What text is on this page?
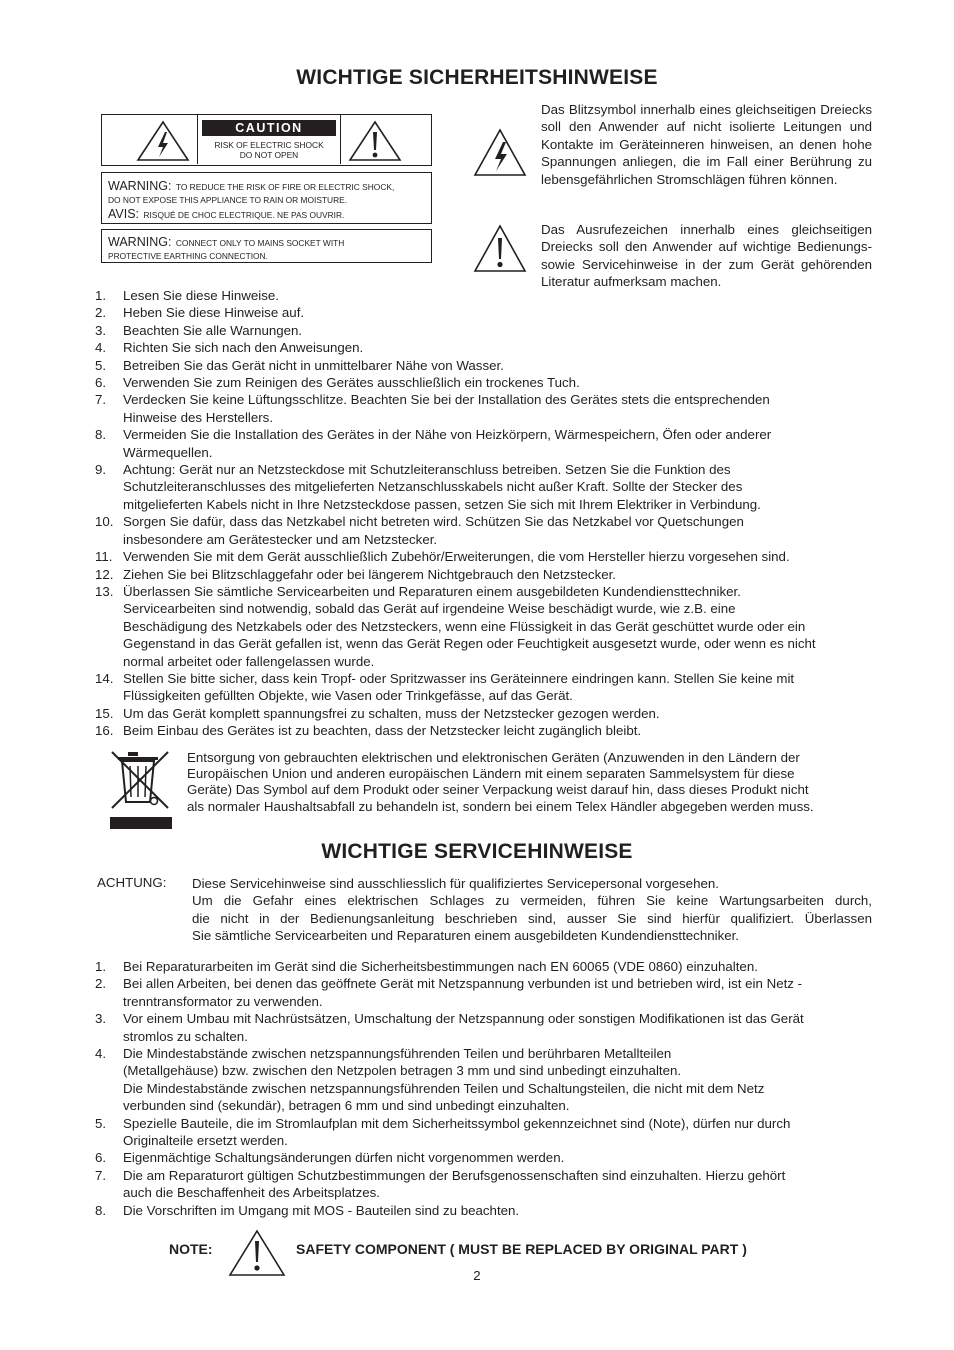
WICHTIGE SICHERHEITSHINWEISE
CAUTION
RISK OF ELECTRIC SHOCK
DO NOT OPEN
WARNING: TO REDUCE THE RISK OF FIRE OR ELECTRIC SHOCK,
DO NOT EXPOSE THIS APPLIANCE TO RAIN OR MOISTURE.
AVIS: RISQUÉ DE CHOC ELECTRIQUE. NE PAS OUVRIR.
WARNING: CONNECT ONLY TO MAINS SOCKET WITH
PROTECTIVE EARTHING CONNECTION.
Das Blitzsymbol innerhalb eines gleichseitigen Dreiecks soll den Anwender auf nicht isolierte Leitungen und Kontakte im Geräteinneren hinweisen, an denen hohe Spannungen anliegen, die im Fall einer Berührung zu lebensgefährlichen Stromschlägen führen können.
Das Ausrufezeichen innerhalb eines gleichseitigen Dreiecks soll den Anwender auf wichtige Bedienungs- sowie Servicehinweise in der zum Gerät gehörenden Literatur aufmerksam machen.
1.	Lesen Sie diese Hinweise.
2.	Heben Sie diese Hinweise auf.
3.	Beachten Sie alle Warnungen.
4.	Richten Sie sich nach den Anweisungen.
5.	Betreiben Sie das Gerät nicht in unmittelbarer Nähe von Wasser.
6.	Verwenden Sie zum Reinigen des Gerätes ausschließlich ein trockenes Tuch.
7.	Verdecken Sie keine Lüftungsschlitze. Beachten Sie bei der Installation des Gerätes stets die entsprechenden
Hinweise des Herstellers.
8.	Vermeiden Sie die Installation des Gerätes in der Nähe von Heizkörpern, Wärmespeichern, Öfen oder anderer
Wärmequellen.
9.	Achtung: Gerät nur an Netzsteckdose mit Schutzleiteranschluss betreiben. Setzen Sie die Funktion des
Schutzleiteranschlusses des mitgelieferten Netzanschlusskabels nicht außer Kraft. Sollte der Stecker des
mitgelieferten Kabels nicht in Ihre Netzsteckdose passen, setzen Sie sich mit Ihrem Elektriker in Verbindung.
10. Sorgen Sie dafür, dass das Netzkabel nicht betreten wird. Schützen Sie das Netzkabel vor Quetschungen
insbesondere am Gerätestecker und am Netzstecker.
11. Verwenden Sie mit dem Gerät ausschließlich Zubehör/Erweiterungen, die vom Hersteller hierzu vorgesehen sind.
12. Ziehen Sie bei Blitzschlaggefahr oder bei längerem Nichtgebrauch den Netzstecker.
13. Überlassen Sie sämtliche Servicearbeiten und Reparaturen einem ausgebildeten Kundendiensttechniker.
Servicearbeiten sind notwendig, sobald das Gerät auf irgendeine Weise beschädigt wurde, wie z.B. eine
Beschädigung des Netzkabels oder des Netzsteckers, wenn eine Flüssigkeit in das Gerät geschüttet wurde oder ein
Gegenstand in das Gerät gefallen ist, wenn das Gerät Regen oder Feuchtigkeit ausgesetzt wurde, oder wenn es nicht
normal arbeitet oder fallengelassen wurde.
14. Stellen Sie bitte sicher, dass kein Tropf- oder Spritzwasser ins Geräteinnere eindringen kann. Stellen Sie keine mit
Flüssigkeiten gefüllten Objekte, wie Vasen oder Trinkgefässe, auf das Gerät.
15. Um das Gerät komplett spannungsfrei zu schalten, muss der Netzstecker gezogen werden.
16. Beim Einbau des Gerätes ist zu beachten, dass der Netzstecker leicht zugänglich bleibt.
Entsorgung von gebrauchten elektrischen und elektronischen Geräten (Anzuwenden in den Ländern der
Europäischen Union und anderen europäischen Ländern mit einem separaten Sammelsystem für diese
Geräte) Das Symbol auf dem Produkt oder seiner Verpackung weist darauf hin, dass dieses Produkt nicht
als normaler Haushaltsabfall zu behandeln ist, sondern bei einem Telex Händler abgegeben werden muss.
WICHTIGE SERVICEHINWEISE
ACHTUNG: Diese Servicehinweise sind ausschliesslich für qualifiziertes Servicepersonal vorgesehen.
Um die Gefahr eines elektrischen Schlages zu vermeiden, führen Sie keine Wartungsarbeiten durch,
die nicht in der Bedienungsanleitung beschrieben sind, ausser Sie sind hierfür qualifiziert. Überlassen
Sie sämtliche Servicearbeiten und Reparaturen einem ausgebildeten Kundendiensttechniker.
1.	Bei Reparaturarbeiten im Gerät sind die Sicherheitsbestimmungen nach EN 60065 (VDE 0860) einzuhalten.
2.	Bei allen Arbeiten, bei denen das geöffnete Gerät mit Netzspannung verbunden ist und betrieben wird, ist ein Netz -
trenntransformator zu verwenden.
3.	Vor einem Umbau mit Nachrüstsätzen, Umschaltung der Netzspannung oder sonstigen Modifikationen ist das Gerät
stromlos zu schalten.
4.	Die Mindestabstände zwischen netzspannungsführenden Teilen und berührbaren Metallteilen
(Metallgehäuse) bzw. zwischen den Netzpolen betragen 3 mm und sind unbedingt einzuhalten.
Die Mindestabstände zwischen netzspannungsführenden Teilen und Schaltungsteilen, die nicht mit dem Netz
verbunden sind (sekundär), betragen 6 mm und sind unbedingt einzuhalten.
5.	Spezielle Bauteile, die im Stromlaufplan mit dem Sicherheitssymbol gekennzeichnet sind (Note), dürfen nur durch
Originalteile ersetzt werden.
6.	Eigenmächtige Schaltungsänderungen dürfen nicht vorgenommen werden.
7.	Die am Reparaturort gültigen Schutzbestimmungen der Berufsgenossenschaften sind einzuhalten. Hierzu gehört
auch die Beschaffenheit des Arbeitsplatzes.
8.	Die Vorschriften im Umgang mit MOS - Bauteilen sind zu beachten.
NOTE:	SAFETY COMPONENT ( MUST BE REPLACED BY ORIGINAL PART )
2
